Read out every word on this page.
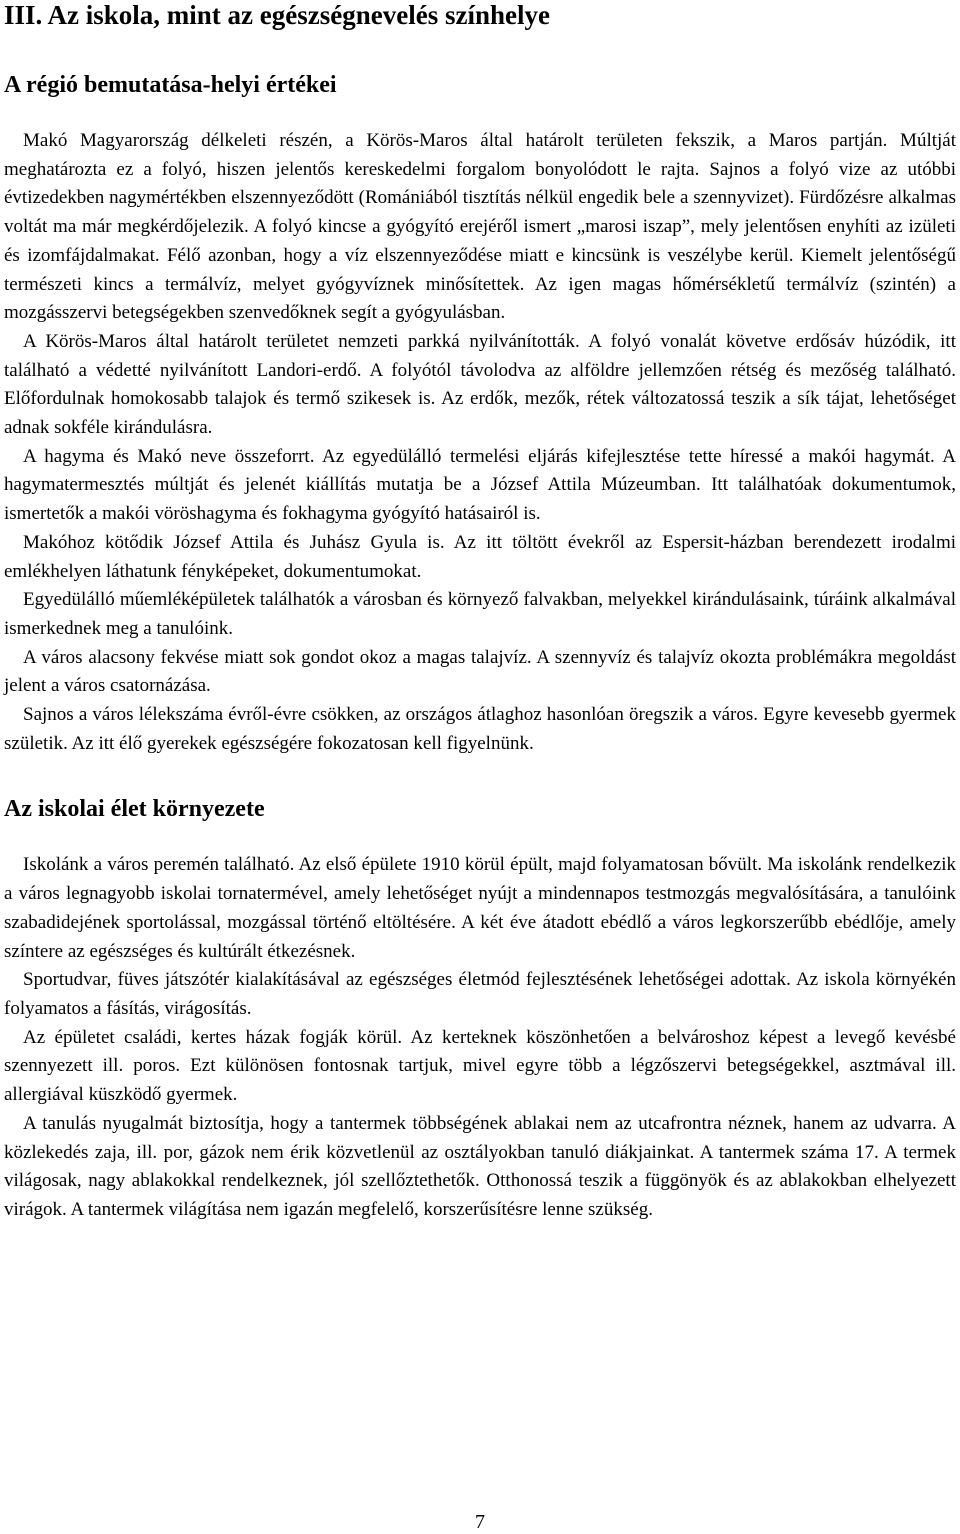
III. Az iskola, mint az egészségnevelés színhelye
A régió bemutatása-helyi értékei

Makó Magyarország délkeleti részén, a Körös-Maros által határolt területen fekszik, a Maros partján. Múltját meghatározta ez a folyó, hiszen jelentős kereskedelmi forgalom bonyolódott le rajta. Sajnos a folyó vize az utóbbi évtizedekben nagymértékben elszennyeződött (Romániából tisztítás nélkül engedik bele a szennyvizet). Fürdőzésre alkalmas voltát ma már megkérdőjelezik. A folyó kincse a gyógyító erejéről ismert „marosi iszap”, mely jelentősen enyhíti az izületi és izomfájdalmakat. Félő azonban, hogy a víz elszennyeződése miatt e kincsünk is veszélybe kerül. Kiemelt jelentőségű természeti kincs a termálvíz, melyet gyógyvíznek minősítettek. Az igen magas hőmérsékletű termálvíz (szintén) a mozgásszervi betegségekben szenvedőknek segít a gyógyulásban.

A Körös-Maros által határolt területet nemzeti parkká nyilvánították. A folyó vonalát követve erdősáv húzódik, itt található a védetté nyilvánított Landori-erdő. A folyótól távolodva az alföldre jellemzően rétség és mezőség található. Előfordulnak homokosabb talajok és termő szikesek is. Az erdők, mezők, rétek változatossá teszik a sík tájat, lehetőséget adnak sokféle kirándulásra.

A hagyma és Makó neve összeforrt. Az egyedülálló termelési eljárás kifejlesztése tette híressé a makói hagymát. A hagymatermesztés múltját és jelenét kiállítás mutatja be a József Attila Múzeumban. Itt találhatóak dokumentumok, ismertetők a makói vöröshagyma és fokhagyma gyógyító hatásairól is.

Makóhoz kötődik József Attila és Juhász Gyula is. Az itt töltött évekről az Espersit-házban berendezett irodalmi emlékhelyen láthatunk fényképeket, dokumentumokat.

Egyedülálló műemléképületek találhatók a városban és környező falvakban, melyekkel kirándulásaink, túráink alkalmával ismerkednek meg a tanulóink.

A város alacsony fekvése miatt sok gondot okoz a magas talajvíz. A szennyvíz és talajvíz okozta problémákra megoldást jelent a város csatornázása.

Sajnos a város lélekszáma évről-évre csökken, az országos átlaghoz hasonlóan öregszik a város. Egyre kevesebb gyermek születik. Az itt élő gyerekek egészségére fokozatosan kell figyelnünk.

Az iskolai élet környezete

Iskolánk a város peremén található. Az első épülete 1910 körül épült, majd folyamatosan bővült. Ma iskolánk rendelkezik a város legnagyobb iskolai tornatermével, amely lehetőséget nyújt a mindennapos testmozgás megvalósítására, a tanulóink szabadidejének sportolással, mozgással történő eltöltésére. A két éve átadott ebédlő a város legkorszerűbb ebédlője, amely színtere az egészséges és kultúrált étkezésnek.

Sportudvar, füves játszótér kialakításával az egészséges életmód fejlesztésének lehetőségei adottak. Az iskola környékén folyamatos a fásítás, virágosítás.

Az épületet családi, kertes házak fogják körül. Az kerteknek köszönhetően a belvároshoz képest a levegő kevésbé szennyezett ill. poros. Ezt különösen fontosnak tartjuk, mivel egyre több a légzőszervi betegségekkel, asztmával ill. allergiával küszködő gyermek.

A tanulás nyugalmát biztosítja, hogy a tantermek többségének ablakai nem az utcafrontra néznek, hanem az udvarra. A közlekedés zaja, ill. por, gázok nem érik közvetlenül az osztályokban tanuló diákjainkat. A tantermek száma 17. A termek világosak, nagy ablakokkal rendelkeznek, jól szellőztethetők. Otthonossá teszik a függönyök és az ablakokban elhelyezett virágok. A tantermek világítása nem igazán megfelelő, korszerűsítésre lenne szükség.

7
